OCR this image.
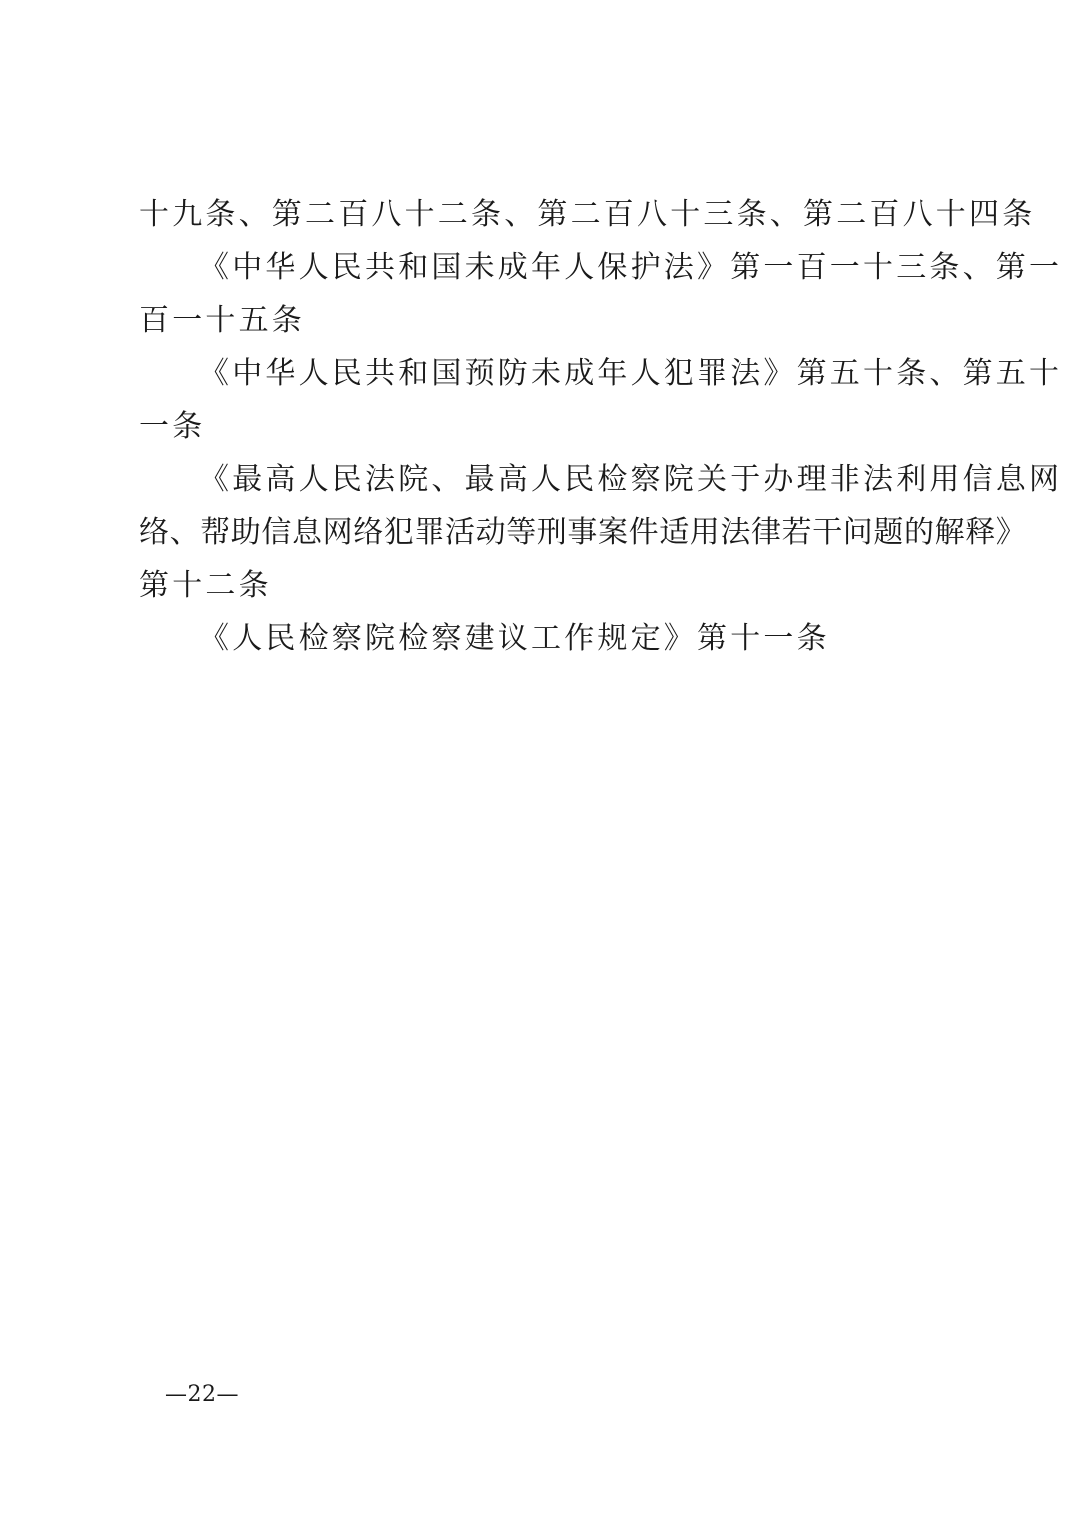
十九条、第二百八十二条、第二百八十三条、第二百八十四条
《中华人民共和国未成年人保护法》第一百一十三条、第一
百一十五条
《中华人民共和国预防未成年人犯罪法》第五十条、第五十
一条
《最高人民法院、最高人民检察院关于办理非法利用信息网
络、帮助信息网络犯罪活动等刑事案件适用法律若干问题的解释》
第十二条
《人民检察院检察建议工作规定》第十一条
—22—
